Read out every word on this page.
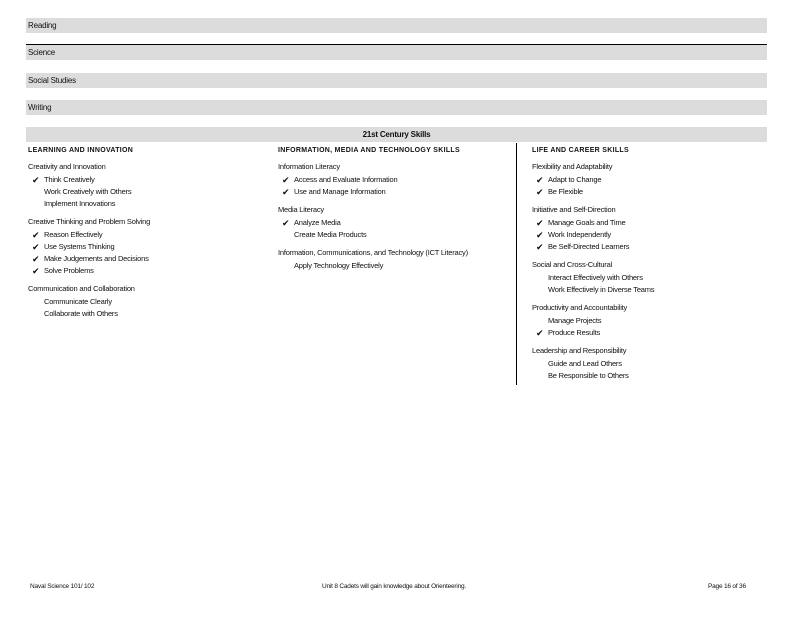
Reading
Science
Social Studies
Writing
21st Century Skills
LEARNING AND INNOVATION
Creativity and Innovation
✔ Think Creatively
Work Creatively with Others
Implement Innovations
Creative Thinking and Problem Solving
✔ Reason Effectively
✔ Use Systems Thinking
✔ Make Judgements and Decisions
✔ Solve Problems
Communication and Collaboration
Communicate Clearly
Collaborate with Others
INFORMATION, MEDIA AND TECHNOLOGY SKILLS
Information Literacy
✔ Access and Evaluate Information
✔ Use and Manage Information
Media Literacy
✔ Analyze Media
Create Media Products
Information, Communications, and Technology (ICT Literacy)
Apply Technology Effectively
LIFE AND CAREER SKILLS
Flexibility and Adaptability
✔ Adapt to Change
✔ Be Flexible
Initiative and Self-Direction
✔ Manage Goals and Time
✔ Work Independently
✔ Be Self-Directed Learners
Social and Cross-Cultural
Interact Effectively with Others
Work Effectively in Diverse Teams
Productivity and Accountability
Manage Projects
✔ Produce Results
Leadership and Responsibility
Guide and Lead Others
Be Responsible to Others
Naval Science 101/ 102	Unit 8 Cadets will gain knowledge about Orienteering.	Page 16 of 36
